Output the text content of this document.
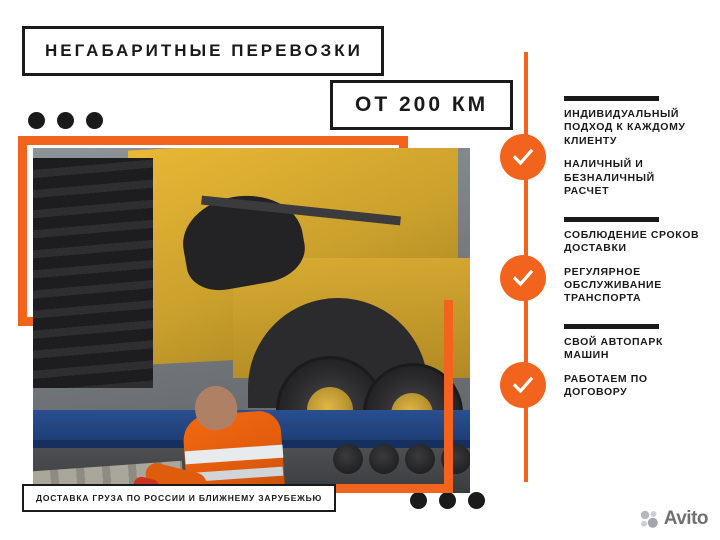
НЕГАБАРИТНЫЕ ПЕРЕВОЗКИ
ОТ 200 КМ
ДОСТАВКА ГРУЗА ПО РОССИИ И БЛИЖНЕМУ ЗАРУБЕЖЬЮ
ИНДИВИДУАЛЬНЫЙ ПОДХОД К КАЖДОМУ КЛИЕНТУ
НАЛИЧНЫЙ И БЕЗНАЛИЧНЫЙ РАСЧЕТ
СОБЛЮДЕНИЕ СРОКОВ ДОСТАВКИ
РЕГУЛЯРНОЕ ОБСЛУЖИВАНИЕ ТРАНСПОРТА
СВОЙ АВТОПАРК МАШИН
РАБОТАЕМ ПО ДОГОВОРУ
Avito
